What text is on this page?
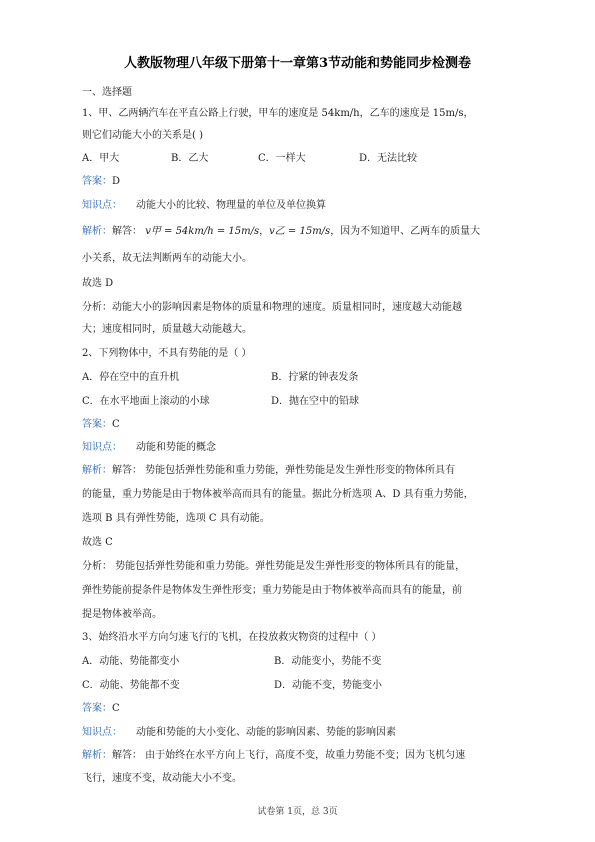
人教版物理八年级下册第十一章第3节动能和势能同步检测卷
一、选择题
1、甲、乙两辆汽车在平直公路上行驶，甲车的速度是 54km/h，乙车的速度是 15m/s，
则它们动能大小的关系是( )
A．甲大	B．乙大	C．一样大	D．无法比较
答案：D
知识点： 动能大小的比较、物理量的单位及单位换算
解析：解答： v甲 = 54km/h = 15m/s，v乙 = 15m/s，因为不知道甲、乙两车的质量大
小关系，故无法判断两车的动能大小。
故选 D
分析：动能大小的影响因素是物体的质量和物理的速度。质量相同时，速度越大动能越
大；速度相同时，质量越大动能越大。
2、下列物体中，不具有势能的是（ ）
A．停在空中的直升机	B．拧紧的钟表发条
C．在水平地面上滚动的小球	D．抛在空中的铅球
答案：C
知识点： 动能和势能的概念
解析：解答： 势能包括弹性势能和重力势能，弹性势能是发生弹性形变的物体所具有
的能量，重力势能是由于物体被举高而具有的能量。据此分析选项 A、D 具有重力势能，
选项 B 具有弹性势能，选项 C 具有动能。
故选 C
分析： 势能包括弹性势能和重力势能。弹性势能是发生弹性形变的物体所具有的能量，
弹性势能前提条件是物体发生弹性形变；重力势能是由于物体被举高而具有的能量，前
提是物体被举高。
3、始终沿水平方向匀速飞行的飞机，在投放救灾物资的过程中（ ）
A．动能、势能都变小	B．动能变小，势能不变
C．动能、势能都不变	D．动能不变，势能变小
答案：C
知识点： 动能和势能的大小变化、动能的影响因素、势能的影响因素
解析：解答： 由于始终在水平方向上飞行，高度不变，故重力势能不变；因为飞机匀速
飞行，速度不变，故动能大小不变。
试卷第 1页，总 3页
